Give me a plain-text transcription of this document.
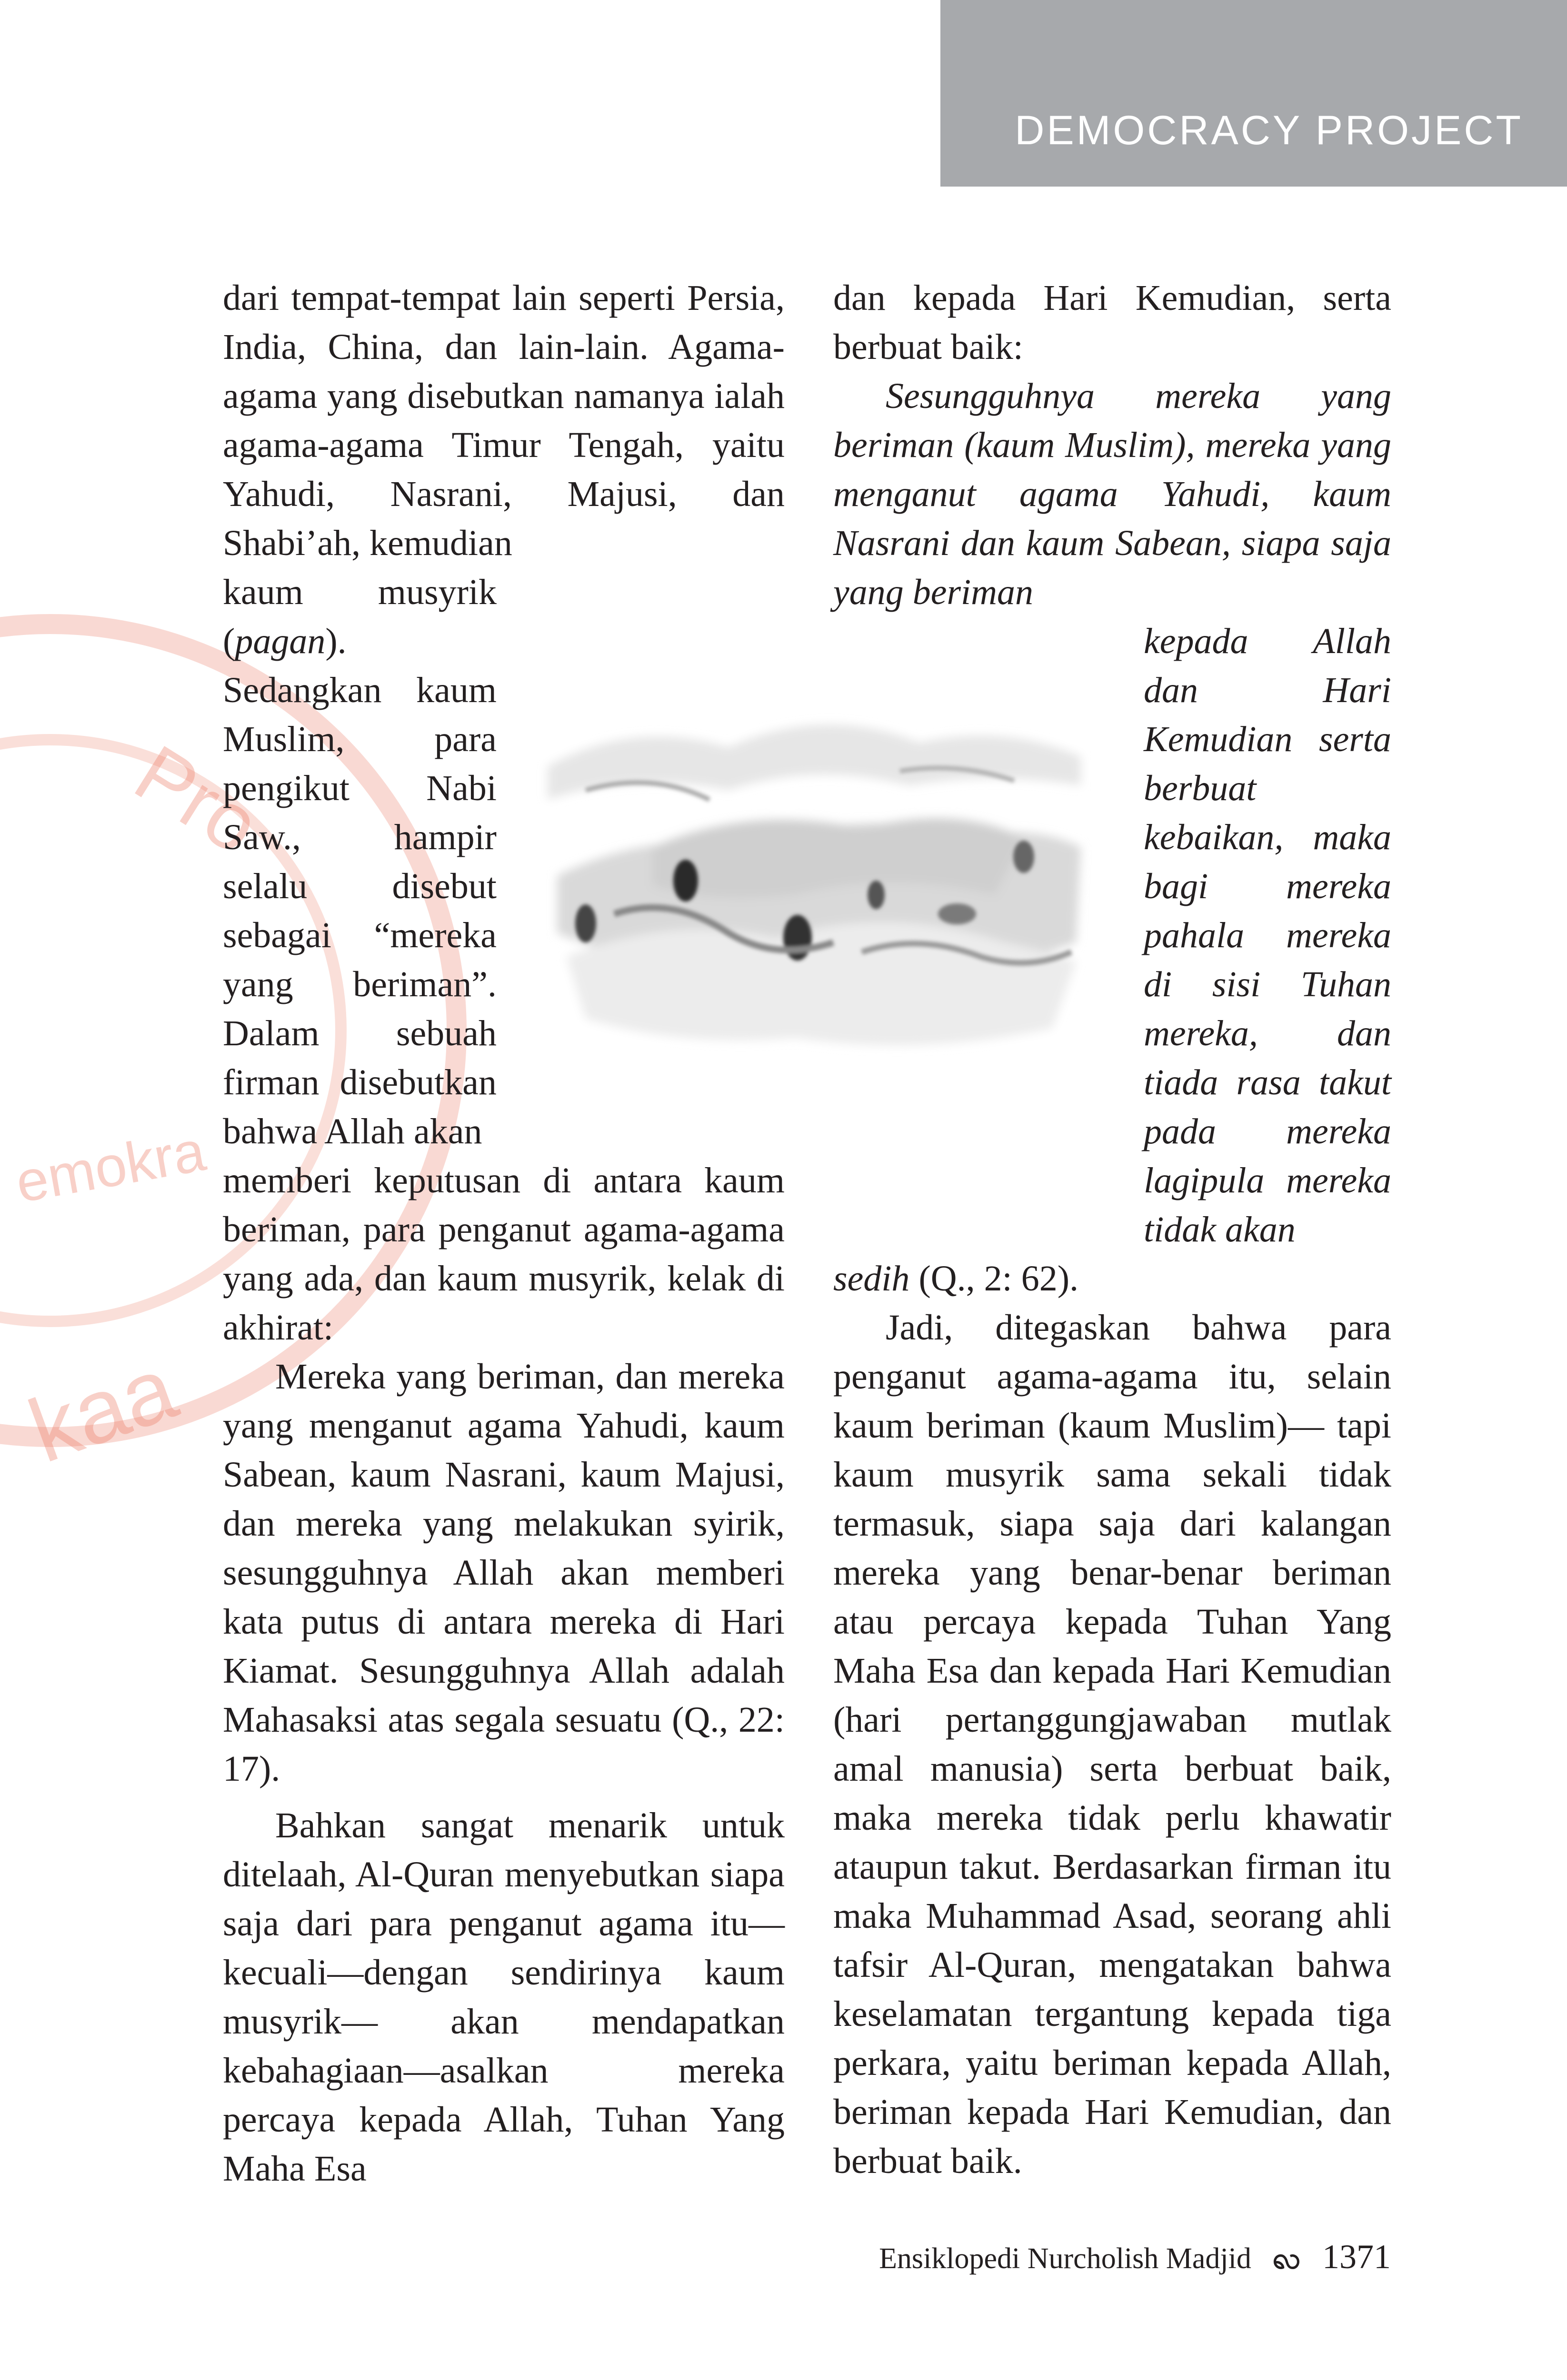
DEMOCRACY PROJECT
Pro
emokra
kaa

dari tempat-tempat lain seperti Persia, India, China, dan lain-lain. Agama-agama yang disebutkan namanya ialah agama-agama Timur Tengah, yaitu Yahudi, Nasrani, Majusi, dan Shabi’ah, kemudian

kaum musyrik (pagan). Sedangkan kaum Muslim, para pengikut Nabi Saw., hampir selalu disebut sebagai “mereka yang beriman”. Dalam sebuah firman disebutkan bahwa Allah akan

memberi keputusan di antara kaum beriman, para penganut agama-agama yang ada, dan kaum musyrik, kelak di akhirat:

Mereka yang beriman, dan mereka yang menganut agama Yahudi, kaum Sabean, kaum Nasrani, kaum Majusi, dan mereka yang melakukan syirik, sesungguhnya Allah akan memberi kata putus di antara mereka di Hari Kiamat. Sesungguhnya Allah adalah Mahasaksi atas segala sesuatu (Q., 22: 17).

Bahkan sangat menarik untuk ditelaah, Al-Quran menyebutkan siapa saja dari para penganut agama itu— kecuali—dengan sendirinya kaum musyrik— akan mendapatkan kebahagiaan—asalkan mereka percaya kepada Allah, Tuhan Yang Maha Esa

dan kepada Hari Kemudian, serta berbuat baik:

Sesungguhnya mereka yang beriman (kaum Muslim), mereka yang menganut agama Yahudi, kaum Nasrani dan kaum Sabean, siapa saja yang beriman

kepada Allah dan Hari Kemudian serta berbuat kebaikan, maka bagi mereka pahala mereka di sisi Tuhan mereka, dan tiada rasa takut pada mereka lagipula mereka tidak akan

sedih (Q., 2: 62).

Jadi, ditegaskan bahwa para penganut agama-agama itu, selain kaum beriman (kaum Muslim)— tapi kaum musyrik sama sekali tidak termasuk, siapa saja dari kalangan mereka yang benar-benar beriman atau percaya kepada Tuhan Yang Maha Esa dan kepada Hari Kemudian (hari pertanggungjawaban mutlak amal manusia) serta berbuat baik, maka mereka tidak perlu khawatir ataupun takut. Berdasarkan firman itu maka Muhammad Asad, seorang ahli tafsir Al-Quran, mengatakan bahwa keselamatan tergantung kepada tiga perkara, yaitu beriman kepada Allah, beriman kepada Hari Kemudian, dan berbuat baik.

Ensiklopedi Nurcholish Madjid ꩮ 1371
